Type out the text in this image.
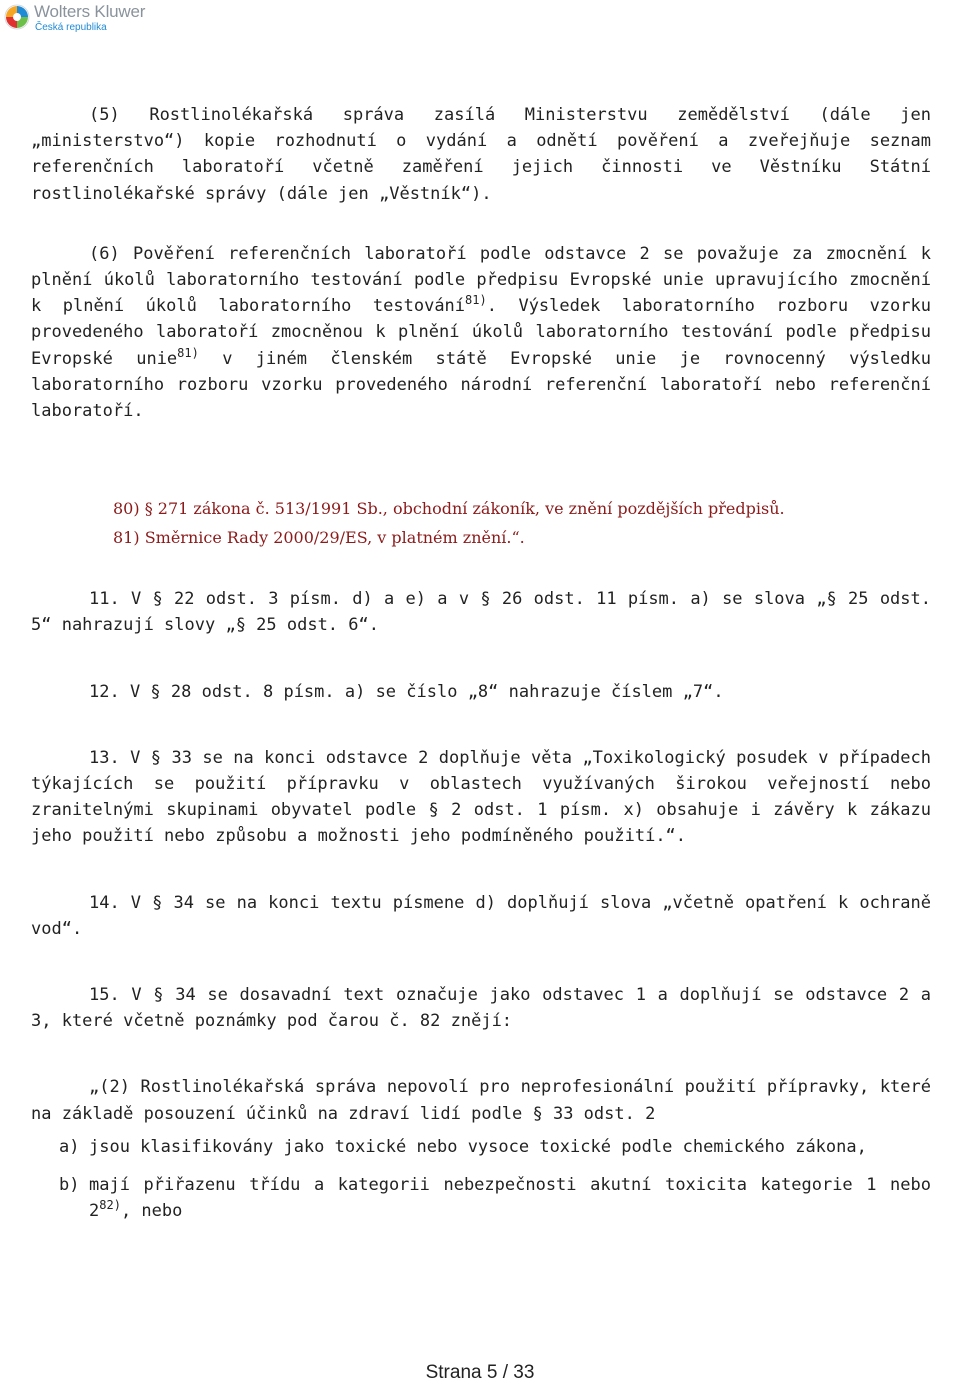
Wolters Kluwer
Česká republika

(5) Rostlinolékařská správa zasílá Ministerstvu zemědělství (dále jen „ministerstvo“) kopie rozhodnutí o vydání a odnětí pověření a zveřejňuje seznam referenčních laboratoří včetně zaměření jejich činnosti ve Věstníku Státní rostlinolékařské správy (dále jen „Věstník“).

(6) Pověření referenčních laboratoří podle odstavce 2 se považuje za zmocnění k plnění úkolů laboratorního testování podle předpisu Evropské unie upravujícího zmocnění k plnění úkolů laboratorního testování$^{81)}$. Výsledek laboratorního rozboru vzorku provedeného laboratoří zmocněnou k plnění úkolů laboratorního testování podle předpisu Evropské unie$^{81)}$ v jiném členském státě Evropské unie je rovnocenný výsledku laboratorního rozboru vzorku provedeného národní referenční laboratoří nebo referenční laboratoří.

80) § 271 zákona č. 513/1991 Sb., obchodní zákoník, ve znění pozdějších předpisů.

81) Směrnice Rady 2000/29/ES, v platném znění.“.

11. V § 22 odst. 3 písm. d) a e) a v § 26 odst. 11 písm. a) se slova „§ 25 odst. 5“ nahrazují slovy „§ 25 odst. 6“.

12. V § 28 odst. 8 písm. a) se číslo „8“ nahrazuje číslem „7“.

13. V § 33 se na konci odstavce 2 doplňuje věta „Toxikologický posudek v případech týkajících se použití přípravku v oblastech využívaných širokou veřejností nebo zranitelnými skupinami obyvatel podle § 2 odst. 1 písm. x) obsahuje i závěry k zákazu jeho použití nebo způsobu a možnosti jeho podmíněného použití.“.

14. V § 34 se na konci textu písmene d) doplňují slova „včetně opatření k ochraně vod“.

15. V § 34 se dosavadní text označuje jako odstavec 1 a doplňují se odstavce 2 a 3, které včetně poznámky pod čarou č. 82 znějí:

„(2) Rostlinolékařská správa nepovolí pro neprofesionální použití přípravky, které na základě posouzení účinků na zdraví lidí podle § 33 odst. 2

a) jsou klasifikovány jako toxické nebo vysoce toxické podle chemického zákona,
b) mají přiřazenu třídu a kategorii nebezpečnosti akutní toxicita kategorie 1 nebo 2$^{82)}$, nebo
Strana 5 / 33
